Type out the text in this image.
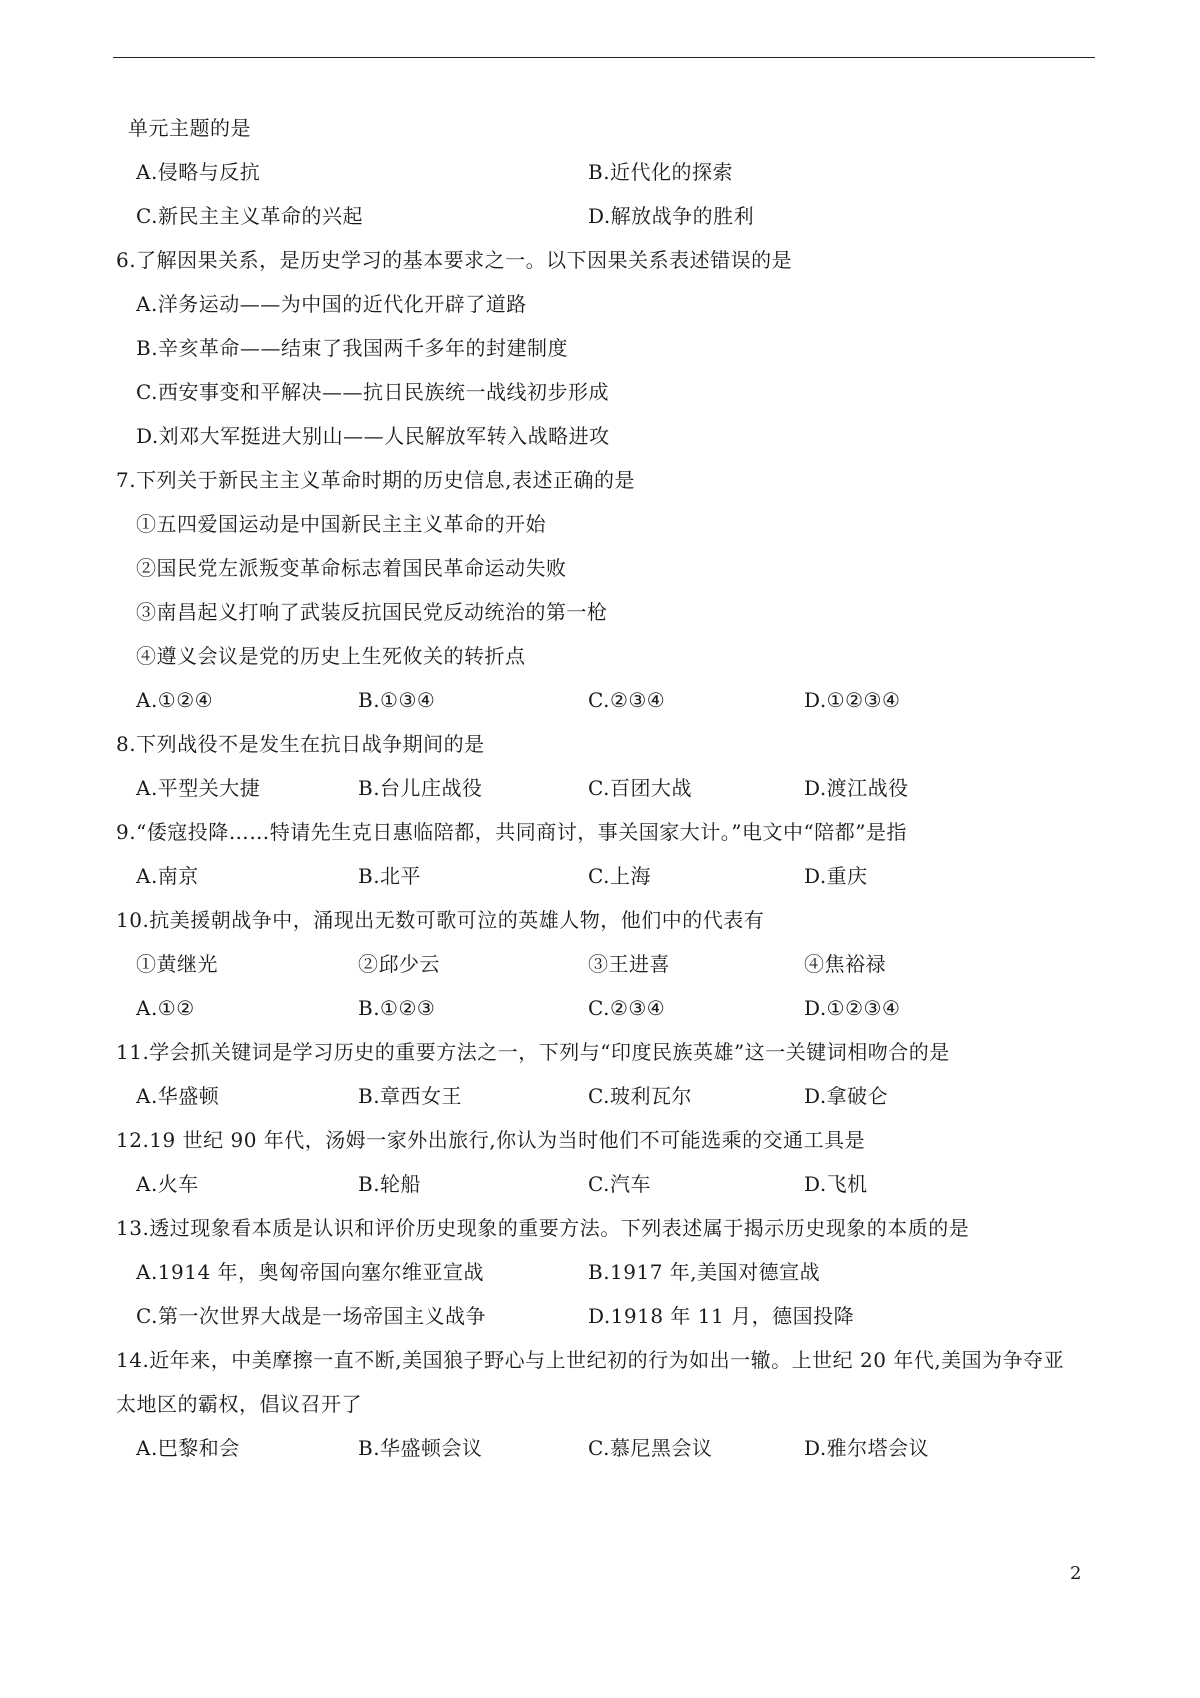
单元主题的是
A.侵略与反抗	B.近代化的探索
C.新民主主义革命的兴起	D.解放战争的胜利
6.了解因果关系，是历史学习的基本要求之一。以下因果关系表述错误的是
A.洋务运动——为中国的近代化开辟了道路
B.辛亥革命——结束了我国两千多年的封建制度
C.西安事变和平解决——抗日民族统一战线初步形成
D.刘邓大军挺进大别山——人民解放军转入战略进攻
7.下列关于新民主主义革命时期的历史信息,表述正确的是
①五四爱国运动是中国新民主主义革命的开始
②国民党左派叛变革命标志着国民革命运动失败
③南昌起义打响了武装反抗国民党反动统治的第一枪
④遵义会议是党的历史上生死攸关的转折点
A.①②④	B.①③④	C.②③④	D.①②③④
8.下列战役不是发生在抗日战争期间的是
A.平型关大捷	B.台儿庄战役	C.百团大战	D.渡江战役
9.“倭寇投降……特请先生克日惠临陪都，共同商讨，事关国家大计。”电文中“陪都”是指
A.南京	B.北平	C.上海	D.重庆
10.抗美援朝战争中，涌现出无数可歌可泣的英雄人物，他们中的代表有
①黄继光	②邱少云	③王进喜	④焦裕禄
A.①②	B.①②③	C.②③④	D.①②③④
11.学会抓关键词是学习历史的重要方法之一，下列与“印度民族英雄”这一关键词相吻合的是
A.华盛顿	B.章西女王	C.玻利瓦尔	D.拿破仑
12.19 世纪 90 年代，汤姆一家外出旅行,你认为当时他们不可能选乘的交通工具是
A.火车	B.轮船	C.汽车	D.飞机
13.透过现象看本质是认识和评价历史现象的重要方法。下列表述属于揭示历史现象的本质的是
A.1914 年，奥匈帝国向塞尔维亚宣战	B.1917 年,美国对德宣战
C.第一次世界大战是一场帝国主义战争	D.1918 年 11 月，德国投降
14.近年来，中美摩擦一直不断,美国狼子野心与上世纪初的行为如出一辙。上世纪 20 年代,美国为争夺亚
太地区的霸权，倡议召开了
A.巴黎和会	B.华盛顿会议	C.慕尼黑会议	D.雅尔塔会议
2
